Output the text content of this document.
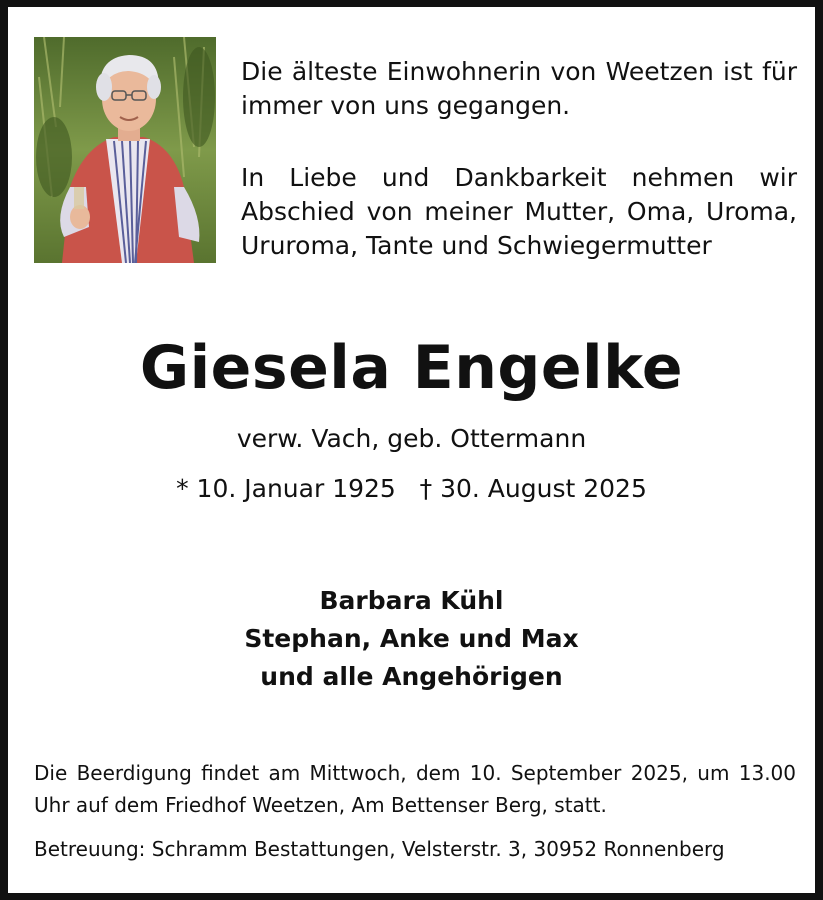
Die älteste Einwohnerin von Weetzen ist für immer von uns gegangen.

In Liebe und Dankbarkeit nehmen wir Abschied von meiner Mutter, Oma, Uroma, Ururoma, Tante und Schwiegermutter

Giesela Engelke
verw. Vach, geb. Ottermann
* 10. Januar 1925   † 30. August 2025
Barbara Kühl
Stephan, Anke und Max
und alle Angehörigen
Die Beerdigung findet am Mittwoch, dem 10. September 2025, um 13.00 Uhr auf dem Friedhof Weetzen, Am Bettenser Berg, statt.
Betreuung: Schramm Bestattungen, Velsterstr. 3, 30952 Ronnenberg
